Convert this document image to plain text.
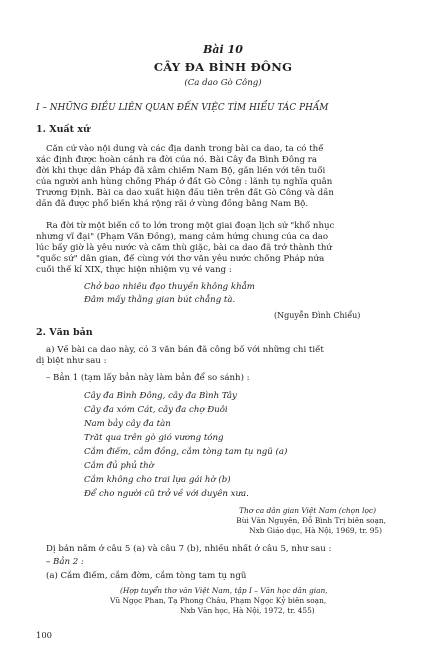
Bài 10
CÂY ĐA BÌNH ĐÔNG
(Ca dao Gò Công)
I – NHỮNG ĐIỀU LIÊN QUAN ĐẾN VIỆC TÌM HIỂU TÁC PHẨM
1. Xuất xứ
Căn cứ vào nội dung và các địa danh trong bài ca dao, ta có thể
xác định được hoàn cảnh ra đời của nó. Bài Cây đa Bình Đông ra
đời khi thực dân Pháp đã xâm chiếm Nam Bộ, gắn liền với tên tuổi
của người anh hùng chống Pháp ở đất Gò Công : lãnh tụ nghĩa quân
Trương Định. Bài ca dao xuất hiện đầu tiên trên đất Gò Công và dần
dần đã được phổ biến khá rộng rãi ở vùng đồng bằng Nam Bộ.
Ra đời từ một biến cố to lớn trong một giai đoạn lịch sử "khổ nhục
nhưng vĩ đại" (Phạm Văn Đồng), mang cảm hứng chung của ca dao
lúc bấy giờ là yêu nước và căm thù giặc, bài ca dao đã trở thành thứ
"quốc sử" dân gian, để cùng với thơ văn yêu nước chống Pháp nửa
cuối thế kỉ XIX, thực hiện nhiệm vụ vẻ vang :
Chở bao nhiêu đạo thuyền không khẳm
Đâm mấy thằng gian bút chẳng tà.
(Nguyễn Đình Chiểu)
2. Văn bản
a) Về bài ca dao này, có 3 văn bản đã công bố với những chi tiết
dị biệt như sau :
– Bản 1 (tạm lấy bản này làm bản để so sánh) :
Cây đa Bình Đông, cây đa Bình Tây
Cây đa xóm Cát, cây đa chợ Đuôi
Nam bảy cây đa tàn
Trăt qua trên gò gió vương tóng
Cắm điếm, cắm đồng, cắm tòng tam tụ ngũ (a)
Cắm đủ phủ thờ
Cắm không cho trai lựa gái hờ (b)
Để cho người cũ trở về với duyên xưa.
Thơ ca dân gian Việt Nam (chọn lọc)
Bùi Văn Nguyên, Đỗ Bình Trị biên soạn,
Nxb Giáo dục, Hà Nội, 1969, tr. 95)
Dị bản nằm ở câu 5 (a) và câu 7 (b), nhiều nhất ở câu 5, như sau :
– Bản 2 :
(a) Cắm điếm, cắm đờm, cắm tòng tam tụ ngũ
(Hợp tuyển thơ văn Việt Nam, tập I – Văn học dân gian,
Vũ Ngọc Phan, Tạ Phong Châu, Phạm Ngọc Kỷ biên soạn,
Nxb Văn học, Hà Nội, 1972, tr. 455)
100
